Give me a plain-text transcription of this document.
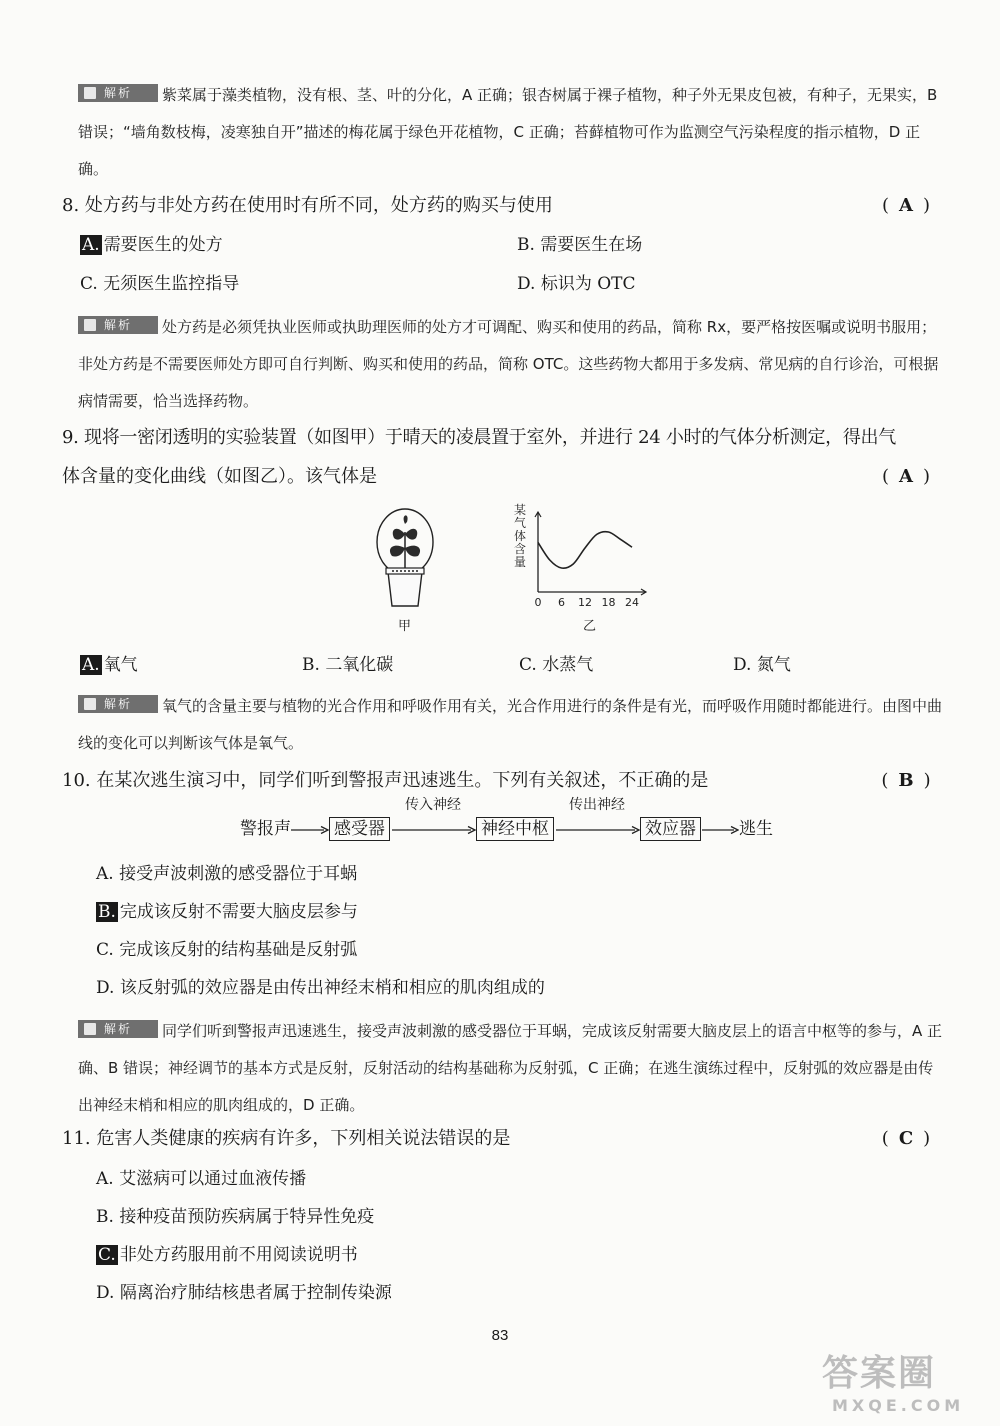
解析 紫菜属于藻类植物，没有根、茎、叶的分化，A 正确；银杏树属于裸子植物，种子外无果皮包被，有种子，无果实，B 错误；“墙角数枝梅，凌寒独自开”描述的梅花属于绿色开花植物，C 正确；苔藓植物可作为监测空气污染程度的指示植物，D 正确。
8. 处方药与非处方药在使用时有所不同，处方药的购买与使用	( A )
A. 需要医生的处方	B. 需要医生在场
C. 无须医生监控指导	D. 标识为 OTC
解析 处方药是必须凭执业医师或执助理医师的处方才可调配、购买和使用的药品，简称 Rx，要严格按医嘱或说明书服用；非处方药是不需要医师处方即可自行判断、购买和使用的药品，简称 OTC。这些药物大都用于多发病、常见病的自行诊治，可根据病情需要，恰当选择药物。
9. 现将一密闭透明的实验装置（如图甲）于晴天的凌晨置于室外，并进行 24 小时的气体分析测定，得出气
体含量的变化曲线（如图乙）。该气体是	( A )
甲
某
气
体
含
量
0 6 12 18 24
乙
A. 氧气	B. 二氧化碳	C. 水蒸气	D. 氮气
解析 氧气的含量主要与植物的光合作用和呼吸作用有关，光合作用进行的条件是有光，而呼吸作用随时都能进行。由图中曲线的变化可以判断该气体是氧气。
10. 在某次逃生演习中，同学们听到警报声迅速逃生。下列有关叙述，不正确的是	( B )
警报声	感受器
传入神经
神经中枢
传出神经
效应器	逃生
A. 接受声波刺激的感受器位于耳蜗
B. 完成该反射不需要大脑皮层参与
C. 完成该反射的结构基础是反射弧
D. 该反射弧的效应器是由传出神经末梢和相应的肌肉组成的
解析 同学们听到警报声迅速逃生，接受声波刺激的感受器位于耳蜗，完成该反射需要大脑皮层上的语言中枢等的参与，A 正确、B 错误；神经调节的基本方式是反射，反射活动的结构基础称为反射弧，C 正确；在逃生演练过程中，反射弧的效应器是由传出神经末梢和相应的肌肉组成的，D 正确。
11. 危害人类健康的疾病有许多，下列相关说法错误的是	( C )
A. 艾滋病可以通过血液传播
B. 接种疫苗预防疾病属于特异性免疫
C. 非处方药服用前不用阅读说明书
D. 隔离治疗肺结核患者属于控制传染源
83
答案圈
MXQE.COM
